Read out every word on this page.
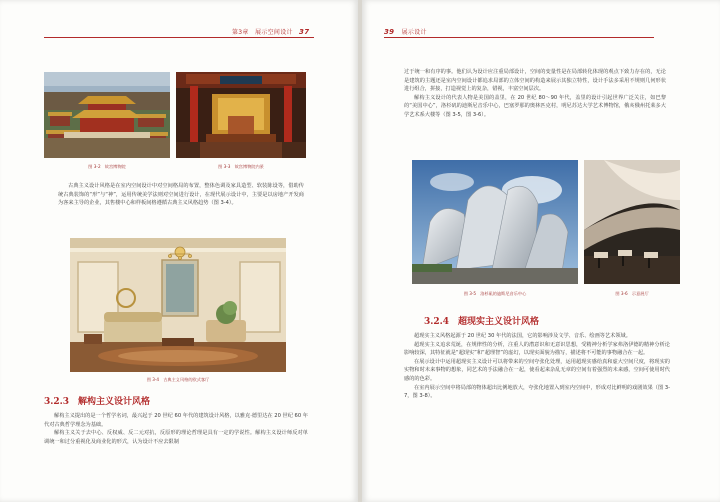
第3章　展示空间设计 37
图 3-2　故宫博物院	图 3-3　故宫博物院内景

古典主义设计风格是在室内空间设计中对空间格局的布置，整体色调及家具造型、软装陈设等，借助传统古典装饰的“形”与“神”，运用传统美学法则对空间进行设计，在现代展示设计中，主要是以房地产开发商为客来主导的企业，其售楼中心和样板间格遵循古典主义风格趋势（图 3-4）。

图 3-4　古典主义风格的欧式客厅
3.2.3　解构主义设计风格

解构主义提出的是一个哲学名词，最兴起于 20 世纪 60 年代的建筑设计风格，以雅克·德里达在 20 世纪 60 年代对古典哲学理念为基础。

解构主义关于去中心、反权威、反二元对抗，反原形的理论哲理是具有一定的学说性。解构主义设计师反对单调统一和过分重视化及商业化的形式，认为设计不应去限制

39 展示设计

过于统一和有序的事。他们认为设计应注重局部设计，空间的变量性是在局部转化体现的观点下致力存在的，无论是建筑的主题还是室内空间设计都追求局部的立体空间的构造来展示其独立特性，设计手法多采用不规则几何形状进行组合，拼接，打造视觉上的复杂，错视，丰富空间层次。

解构主义设计的代表人物是美国的盖里，在 20 世纪 80～90 年代，盖里的设计引起世界广泛关注，如巴黎的“美国中心”，洛杉矶的迪斯尼音乐中心，巴塞罗那的奥林匹克村，明尼苏达大学艺术博物馆，俄亥俄州托莱多大学艺术系大楼等（图 3-5，图 3-6）。

图 3-5　洛杉矶的迪斯尼音乐中心	图 3-6　示意展厅
3.2.4　超现实主义设计风格

超现实主义风格起源于 20 世纪 30 年代的法国，它的影响涉及文学、音乐、绘画等艺术领域。

超现实主义追求荒诞，在规律性的分析，注重人的潜意识和无意识思想，受精神分析学家弗洛伊德的精神分析论影响较深，其特征就是“超现实”和“超理智”的虚幻，以现实面貌为描写，描述将不可能的事物融合在一起。

在展示设计中运用超现实主义设计可以将带来的空间夸张化处理，运用超现实感给真和虚大空间尺度，将现实的实物和时未来事物的想象，同艺术的手法融合在一起，使看起来杂乱无章的空间有着强烈的未来感，空间可使用时代感的的色彩。

在室内展示空间中将局部的物体超出比例地放大，夸张化地置入到室内空间中，形成对比鲜明的戏剧效果（图 3-7，图 3-8）。
